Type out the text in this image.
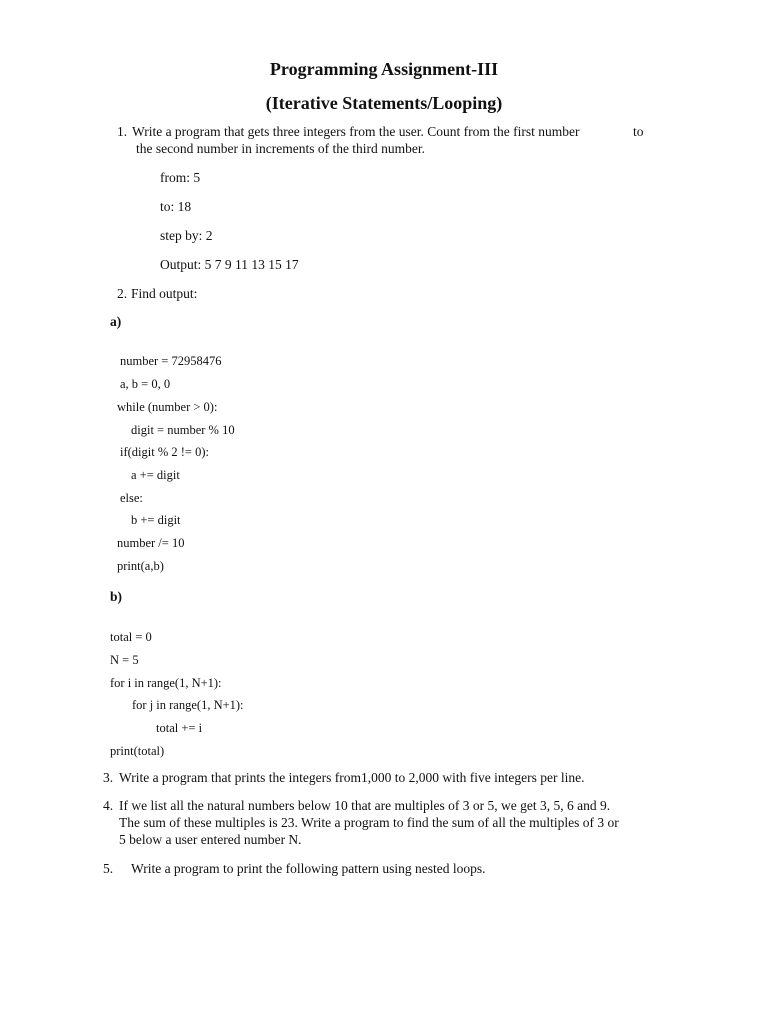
Programming Assignment-III
(Iterative Statements/Looping)
1. Write a program that gets three integers from the user. Count from the first number	to
the second number in increments of the third number.
from: 5
to: 18
step by: 2
Output: 5 7 9 11 13 15 17
2. Find output:
a)
number = 72958476
a, b = 0, 0
while (number > 0):
digit = number % 10
if(digit % 2 != 0):
a += digit
else:
b += digit
number /= 10
print(a,b)
b)
total = 0
N = 5
for i in range(1, N+1):
for j in range(1, N+1):
total += i
print(total)
3. Write a program that prints the integers from1,000 to 2,000 with five integers per line.
4. If we list all the natural numbers below 10 that are multiples of 3 or 5, we get 3, 5, 6 and 9.
The sum of these multiples is 23. Write a program to find the sum of all the multiples of 3 or
5 below a user entered number N.
5. Write a program to print the following pattern using nested loops.
